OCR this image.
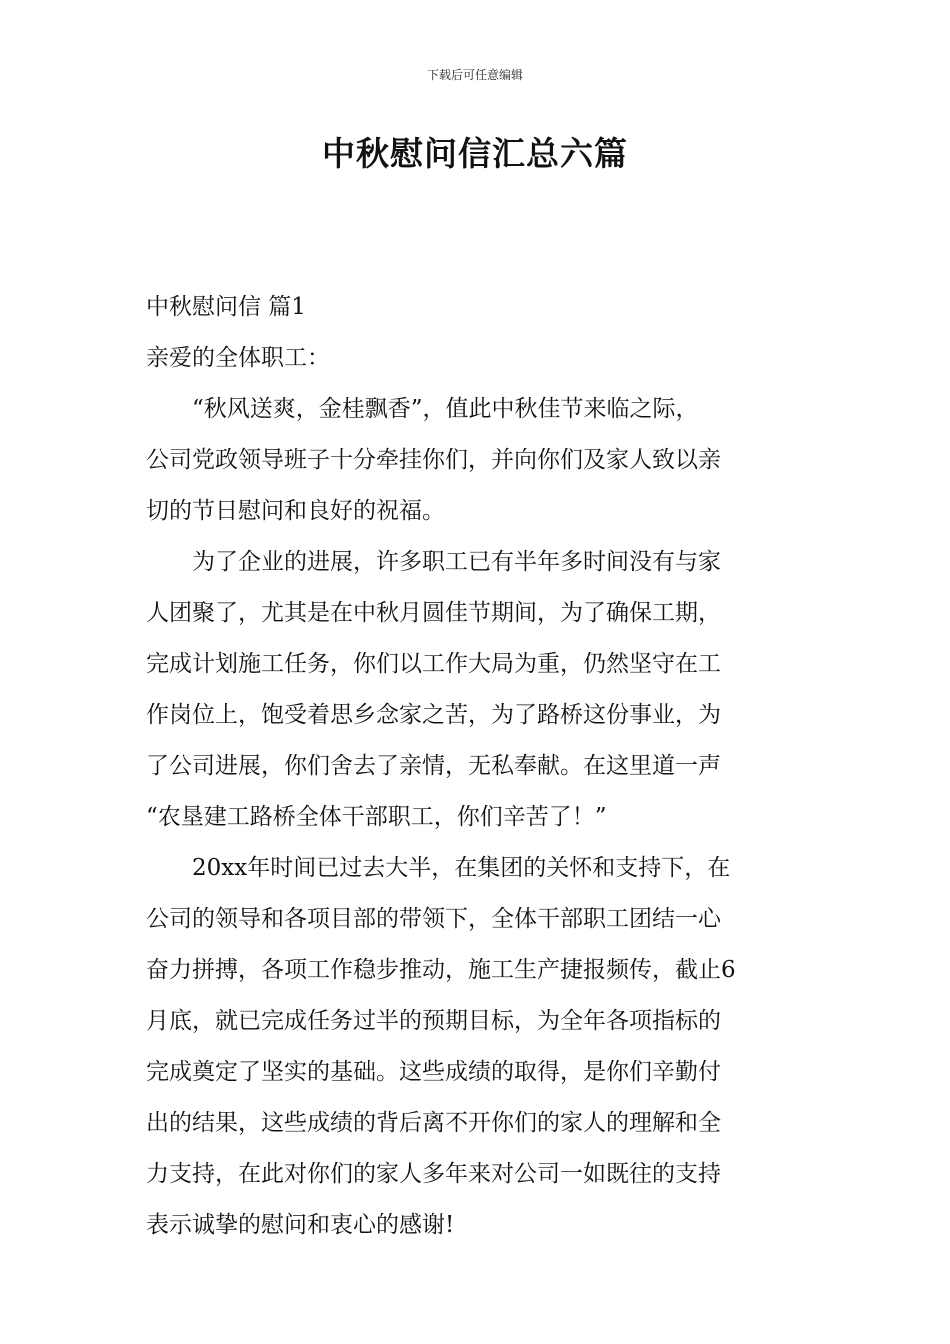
下载后可任意编辑
中秋慰问信汇总六篇
中秋慰问信 篇1
亲爱的全体职工：
　　“秋风送爽，金桂飘香”，值此中秋佳节来临之际，
公司党政领导班子十分牵挂你们，并向你们及家人致以亲
切的节日慰问和良好的祝福。
　　为了企业的进展，许多职工已有半年多时间没有与家
人团聚了，尤其是在中秋月圆佳节期间，为了确保工期，
完成计划施工任务，你们以工作大局为重，仍然坚守在工
作岗位上，饱受着思乡念家之苦，为了路桥这份事业，为
了公司进展，你们舍去了亲情，无私奉献。在这里道一声
“农垦建工路桥全体干部职工，你们辛苦了！”
　　20xx年时间已过去大半，在集团的关怀和支持下，在
公司的领导和各项目部的带领下，全体干部职工团结一心
奋力拼搏，各项工作稳步推动，施工生产捷报频传，截止6
月底，就已完成任务过半的预期目标，为全年各项指标的
完成奠定了坚实的基础。这些成绩的取得，是你们辛勤付
出的结果，这些成绩的背后离不开你们的家人的理解和全
力支持，在此对你们的家人多年来对公司一如既往的支持
表示诚挚的慰问和衷心的感谢!
